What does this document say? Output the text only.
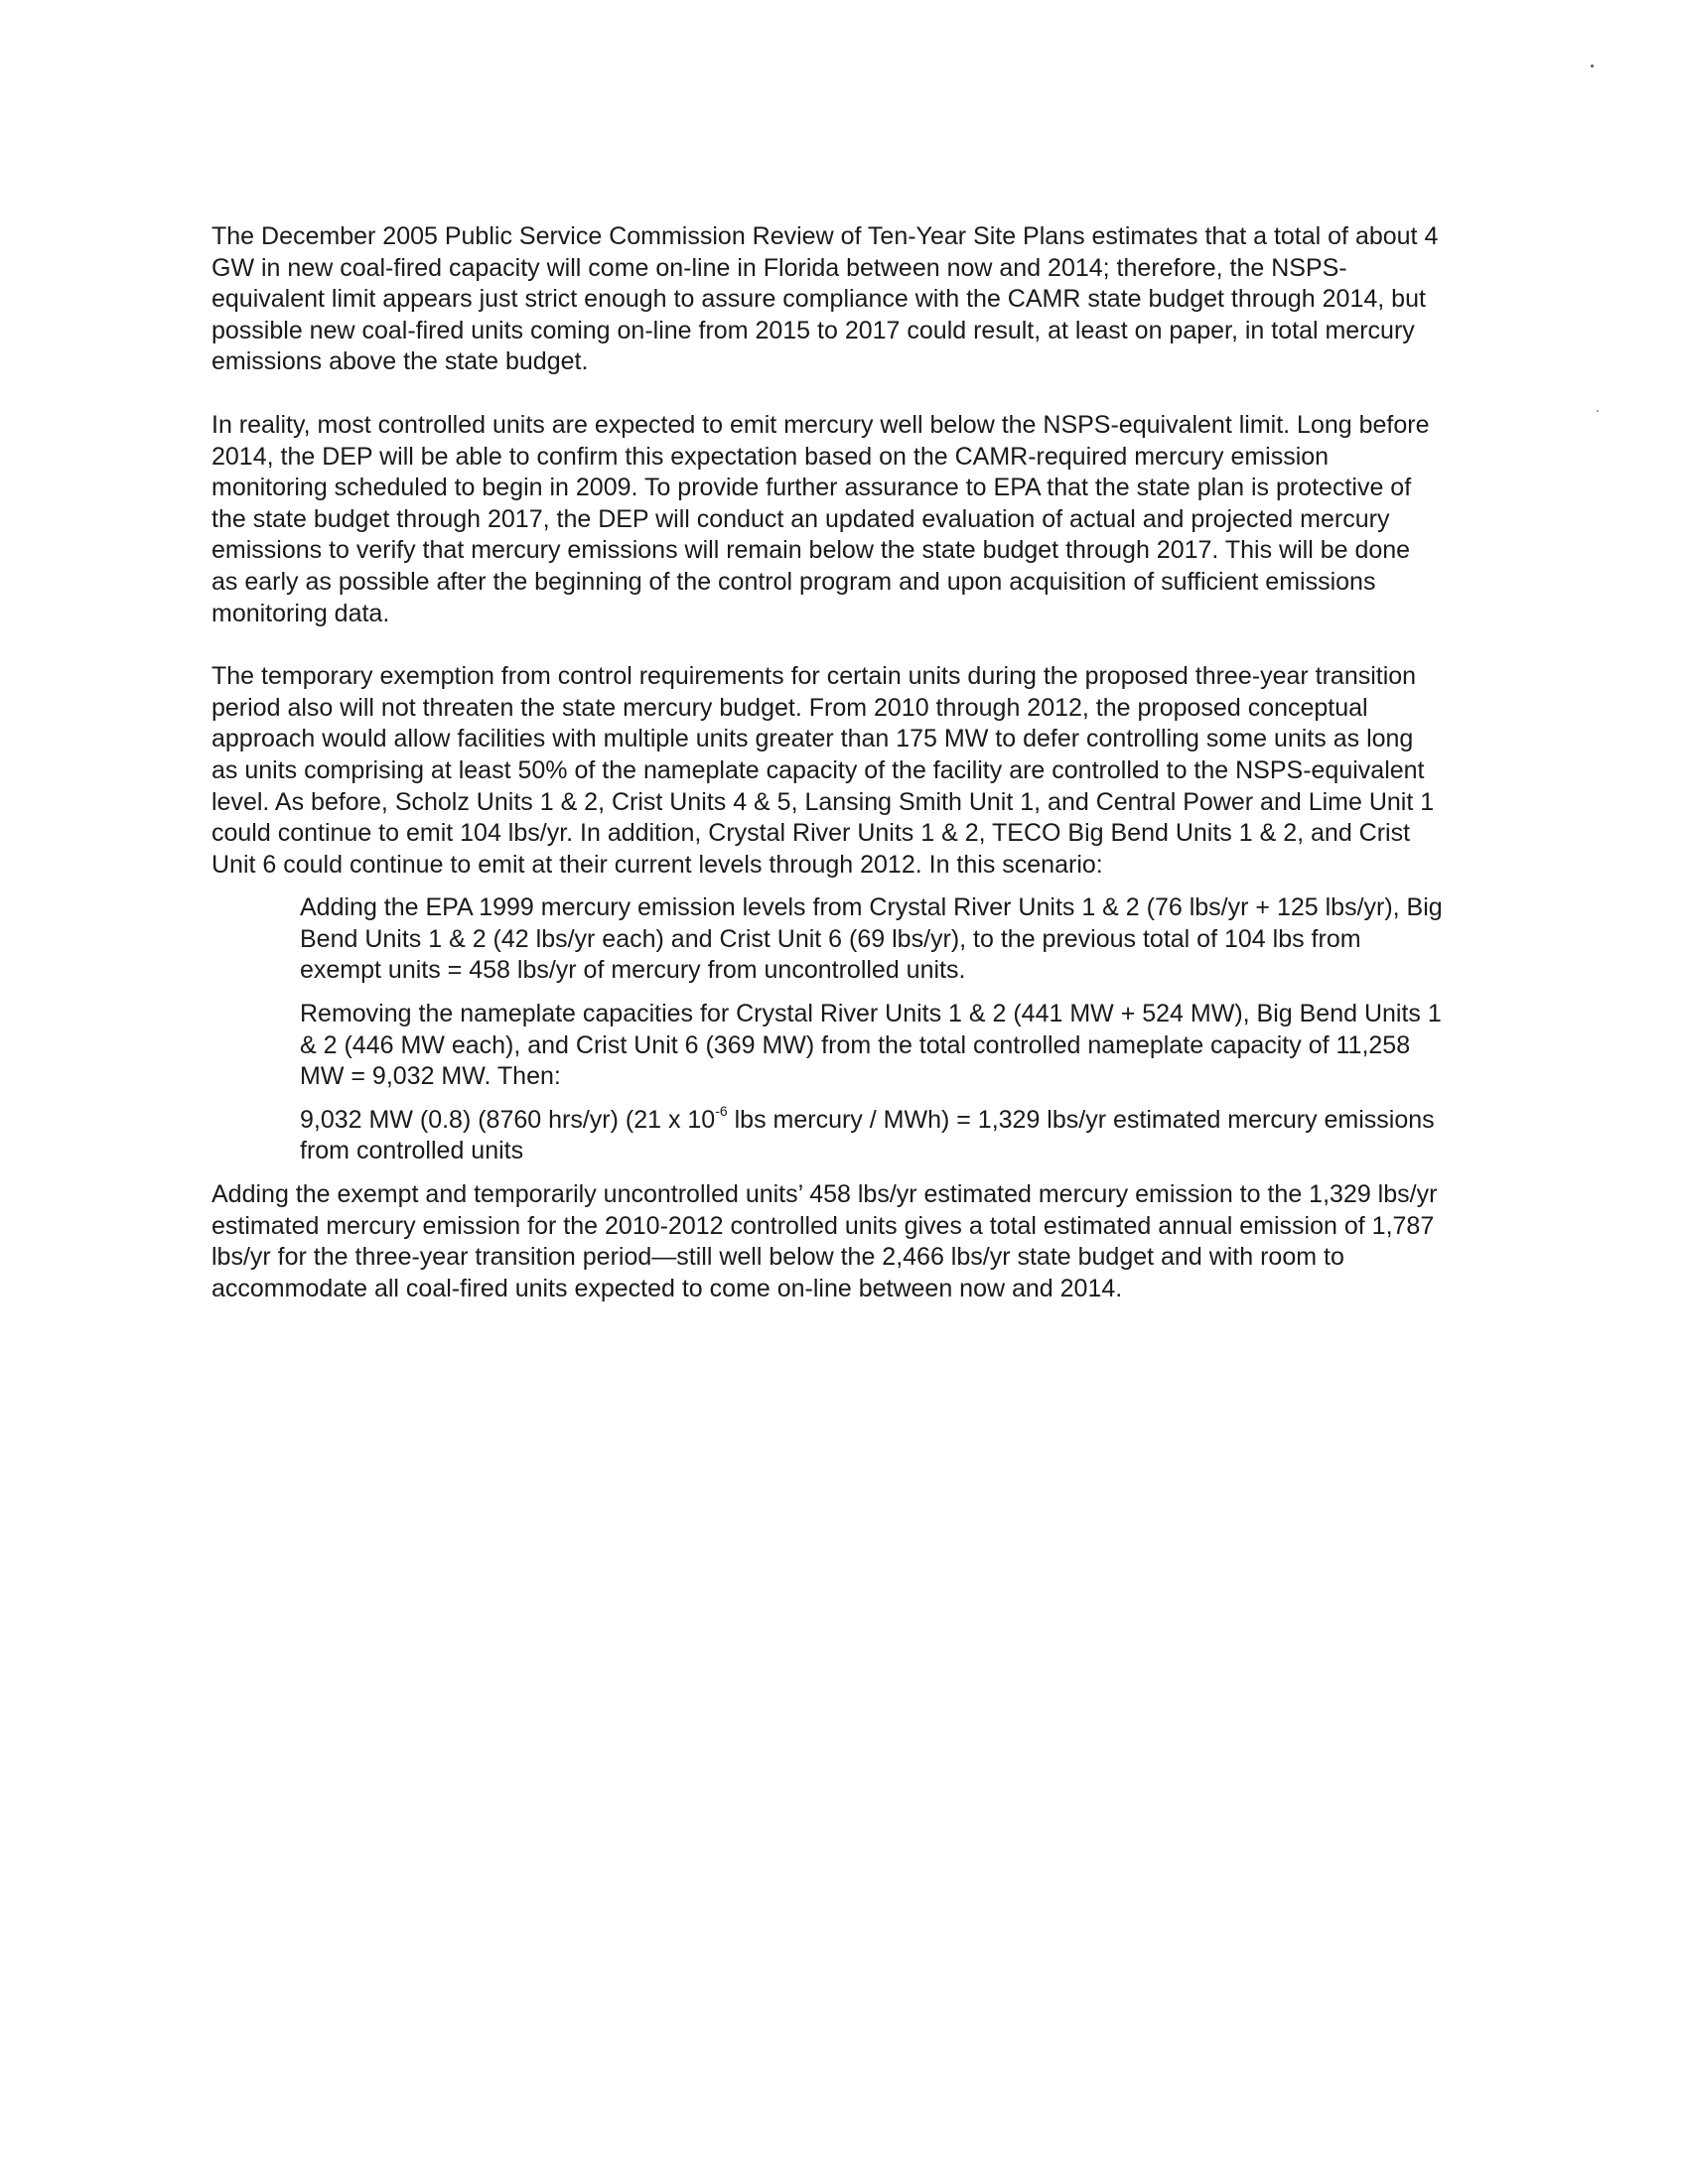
The December 2005 Public Service Commission Review of Ten-Year Site Plans estimates that a total of about 4 GW in new coal-fired capacity will come on-line in Florida between now and 2014; therefore, the NSPS-equivalent limit appears just strict enough to assure compliance with the CAMR state budget through 2014, but possible new coal-fired units coming on-line from 2015 to 2017 could result, at least on paper, in total mercury emissions above the state budget.

In reality, most controlled units are expected to emit mercury well below the NSPS-equivalent limit. Long before 2014, the DEP will be able to confirm this expectation based on the CAMR-required mercury emission monitoring scheduled to begin in 2009. To provide further assurance to EPA that the state plan is protective of the state budget through 2017, the DEP will conduct an updated evaluation of actual and projected mercury emissions to verify that mercury emissions will remain below the state budget through 2017. This will be done as early as possible after the beginning of the control program and upon acquisition of sufficient emissions monitoring data.

The temporary exemption from control requirements for certain units during the proposed three-year transition period also will not threaten the state mercury budget. From 2010 through 2012, the proposed conceptual approach would allow facilities with multiple units greater than 175 MW to defer controlling some units as long as units comprising at least 50% of the nameplate capacity of the facility are controlled to the NSPS-equivalent level. As before, Scholz Units 1 & 2, Crist Units 4 & 5, Lansing Smith Unit 1, and Central Power and Lime Unit 1 could continue to emit 104 lbs/yr. In addition, Crystal River Units 1 & 2, TECO Big Bend Units 1 & 2, and Crist Unit 6 could continue to emit at their current levels through 2012. In this scenario:

Adding the EPA 1999 mercury emission levels from Crystal River Units 1 & 2 (76 lbs/yr + 125 lbs/yr), Big Bend Units 1 & 2 (42 lbs/yr each) and Crist Unit 6 (69 lbs/yr), to the previous total of 104 lbs from exempt units = 458 lbs/yr of mercury from uncontrolled units.
Removing the nameplate capacities for Crystal River Units 1 & 2 (441 MW + 524 MW), Big Bend Units 1 & 2 (446 MW each), and Crist Unit 6 (369 MW) from the total controlled nameplate capacity of 11,258 MW = 9,032 MW. Then:
9,032 MW (0.8) (8760 hrs/yr) (21 x $10^{-6}$ lbs mercury / MWh) = 1,329 lbs/yr estimated mercury emissions from controlled units

Adding the exempt and temporarily uncontrolled units’ 458 lbs/yr estimated mercury emission to the 1,329 lbs/yr estimated mercury emission for the 2010-2012 controlled units gives a total estimated annual emission of 1,787 lbs/yr for the three-year transition period—still well below the 2,466 lbs/yr state budget and with room to accommodate all coal-fired units expected to come on-line between now and 2014.
